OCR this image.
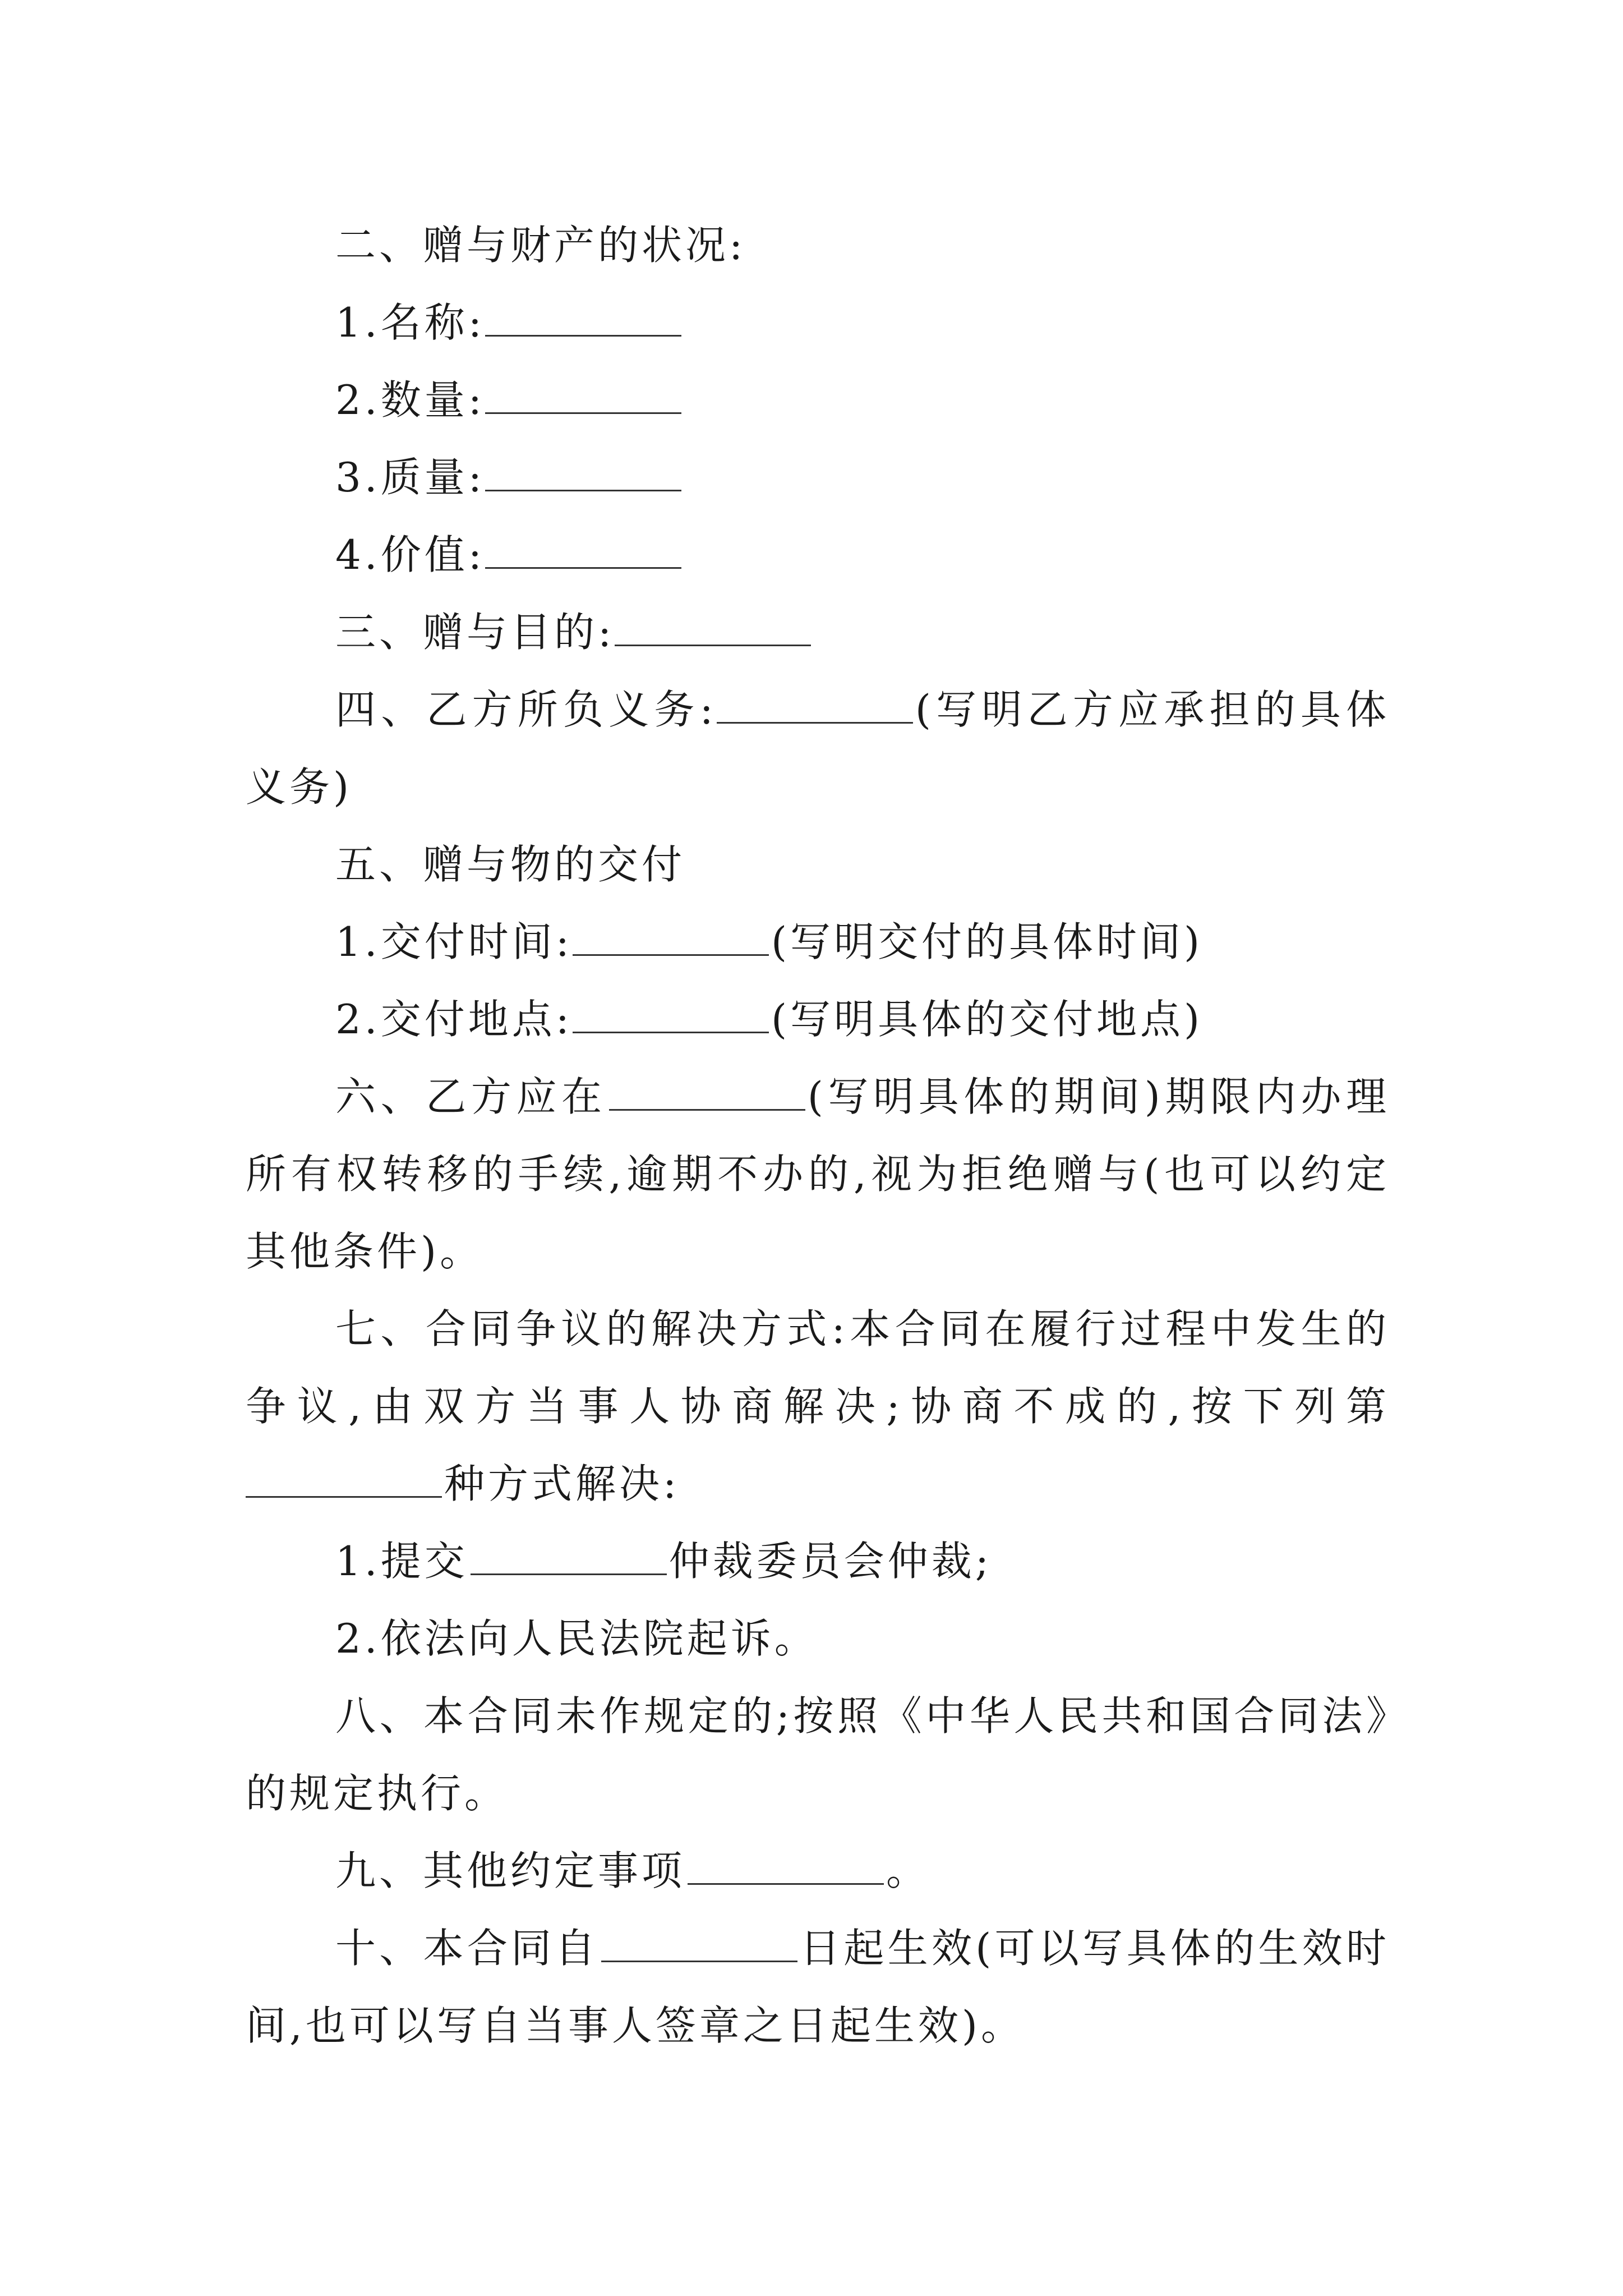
二、赠与财产的状况:

1.名称:

2.数量:

3.质量:

4.价值:

三、赠与目的:

四、乙方所负义务:	(写明乙方应承担的具体义务)

五、赠与物的交付

1.交付时间:	(写明交付的具体时间)

2.交付地点:	(写明具体的交付地点)

六、乙方应在	(写明具体的期间)期限内办理所有权转移的手续,逾期不办的,视为拒绝赠与(也可以约定其他条件)。

七、合同争议的解决方式:本合同在履行过程中发生的争议,由双方当事人协商解决;协商不成的,按下列第种方式解决:

1.提交	仲裁委员会仲裁;

2.依法向人民法院起诉。

八、本合同未作规定的;按照《中华人民共和国合同法》的规定执行。

九、其他约定事项	。

十、本合同自	日起生效(可以写具体的生效时间,也可以写自当事人签章之日起生效)。
